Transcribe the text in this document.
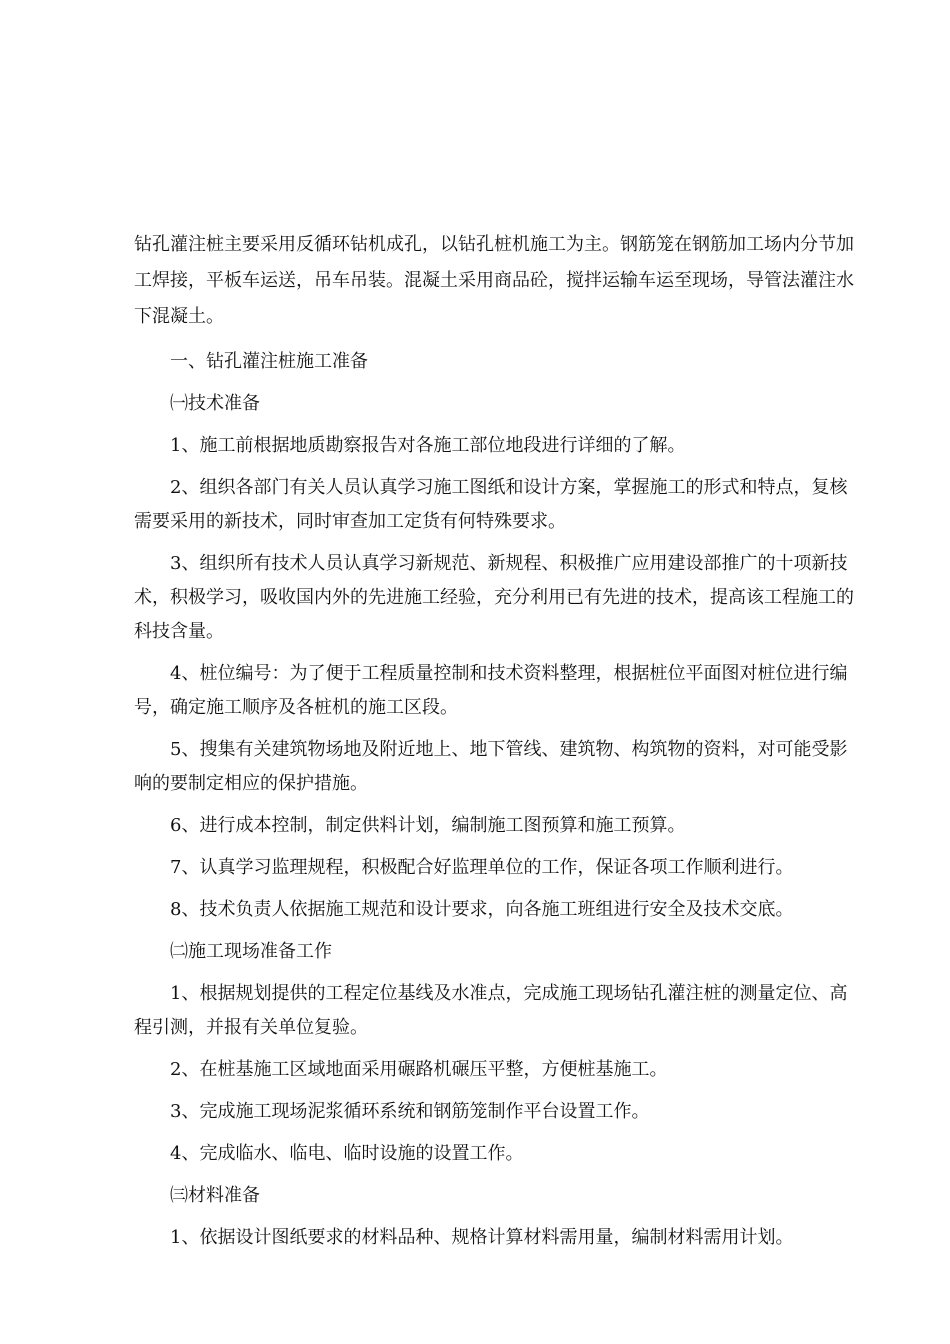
钻孔灌注桩主要采用反循环钻机成孔，以钻孔桩机施工为主。钢筋笼在钢筋加工场内分节加工焊接，平板车运送，吊车吊装。混凝土采用商品砼，搅拌运输车运至现场，导管法灌注水下混凝土。

一、钻孔灌注桩施工准备

㈠技术准备

1、施工前根据地质勘察报告对各施工部位地段进行详细的了解。

2、组织各部门有关人员认真学习施工图纸和设计方案，掌握施工的形式和特点，复核需要采用的新技术，同时审查加工定货有何特殊要求。

3、组织所有技术人员认真学习新规范、新规程、积极推广应用建设部推广的十项新技术，积极学习，吸收国内外的先进施工经验，充分利用已有先进的技术，提高该工程施工的科技含量。

4、桩位编号：为了便于工程质量控制和技术资料整理，根据桩位平面图对桩位进行编号，确定施工顺序及各桩机的施工区段。

5、搜集有关建筑物场地及附近地上、地下管线、建筑物、构筑物的资料，对可能受影响的要制定相应的保护措施。

6、进行成本控制，制定供料计划，编制施工图预算和施工预算。

7、认真学习监理规程，积极配合好监理单位的工作，保证各项工作顺利进行。

8、技术负责人依据施工规范和设计要求，向各施工班组进行安全及技术交底。

㈡施工现场准备工作

1、根据规划提供的工程定位基线及水准点，完成施工现场钻孔灌注桩的测量定位、高程引测，并报有关单位复验。

2、在桩基施工区域地面采用碾路机碾压平整，方便桩基施工。

3、完成施工现场泥浆循环系统和钢筋笼制作平台设置工作。

4、完成临水、临电、临时设施的设置工作。

㈢材料准备

1、依据设计图纸要求的材料品种、规格计算材料需用量，编制材料需用计划。
